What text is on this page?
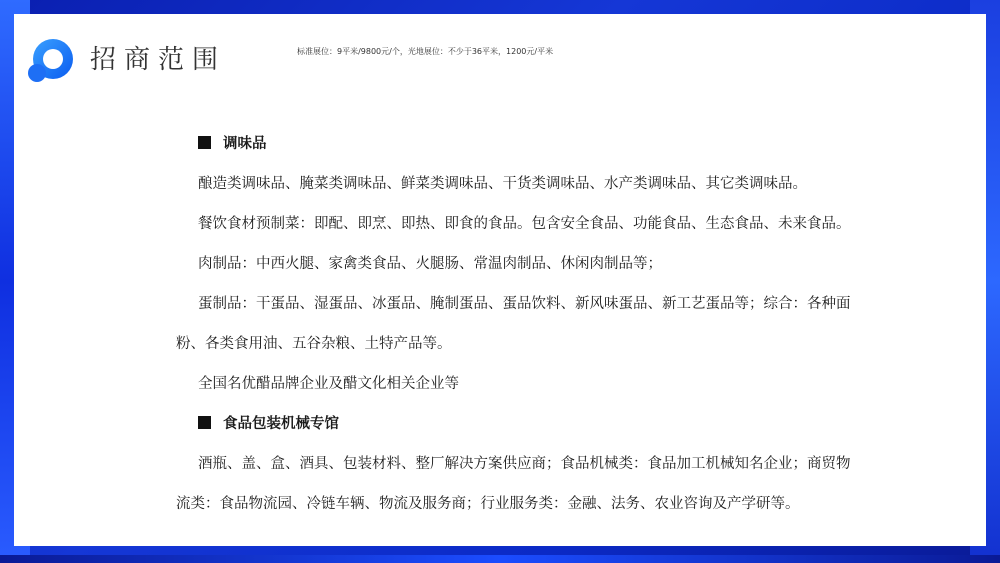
招商范围	标准展位：9平米/9800元/个，光地展位：不少于36平米，1200元/平米
调味品
酿造类调味品、腌菜类调味品、鲜菜类调味品、干货类调味品、水产类调味品、其它类调味品。
餐饮食材预制菜：即配、即烹、即热、即食的食品。包含安全食品、功能食品、生态食品、未来食品。
肉制品：中西火腿、家禽类食品、火腿肠、常温肉制品、休闲肉制品等；
蛋制品：干蛋品、湿蛋品、冰蛋品、腌制蛋品、蛋品饮料、新风味蛋品、新工艺蛋品等；综合：各种面
粉、各类食用油、五谷杂粮、土特产品等。
全国名优醋品牌企业及醋文化相关企业等
食品包装机械专馆
酒瓶、盖、盒、酒具、包装材料、整厂解决方案供应商；食品机械类：食品加工机械知名企业；商贸物
流类：食品物流园、冷链车辆、物流及服务商；行业服务类：金融、法务、农业咨询及产学研等。
